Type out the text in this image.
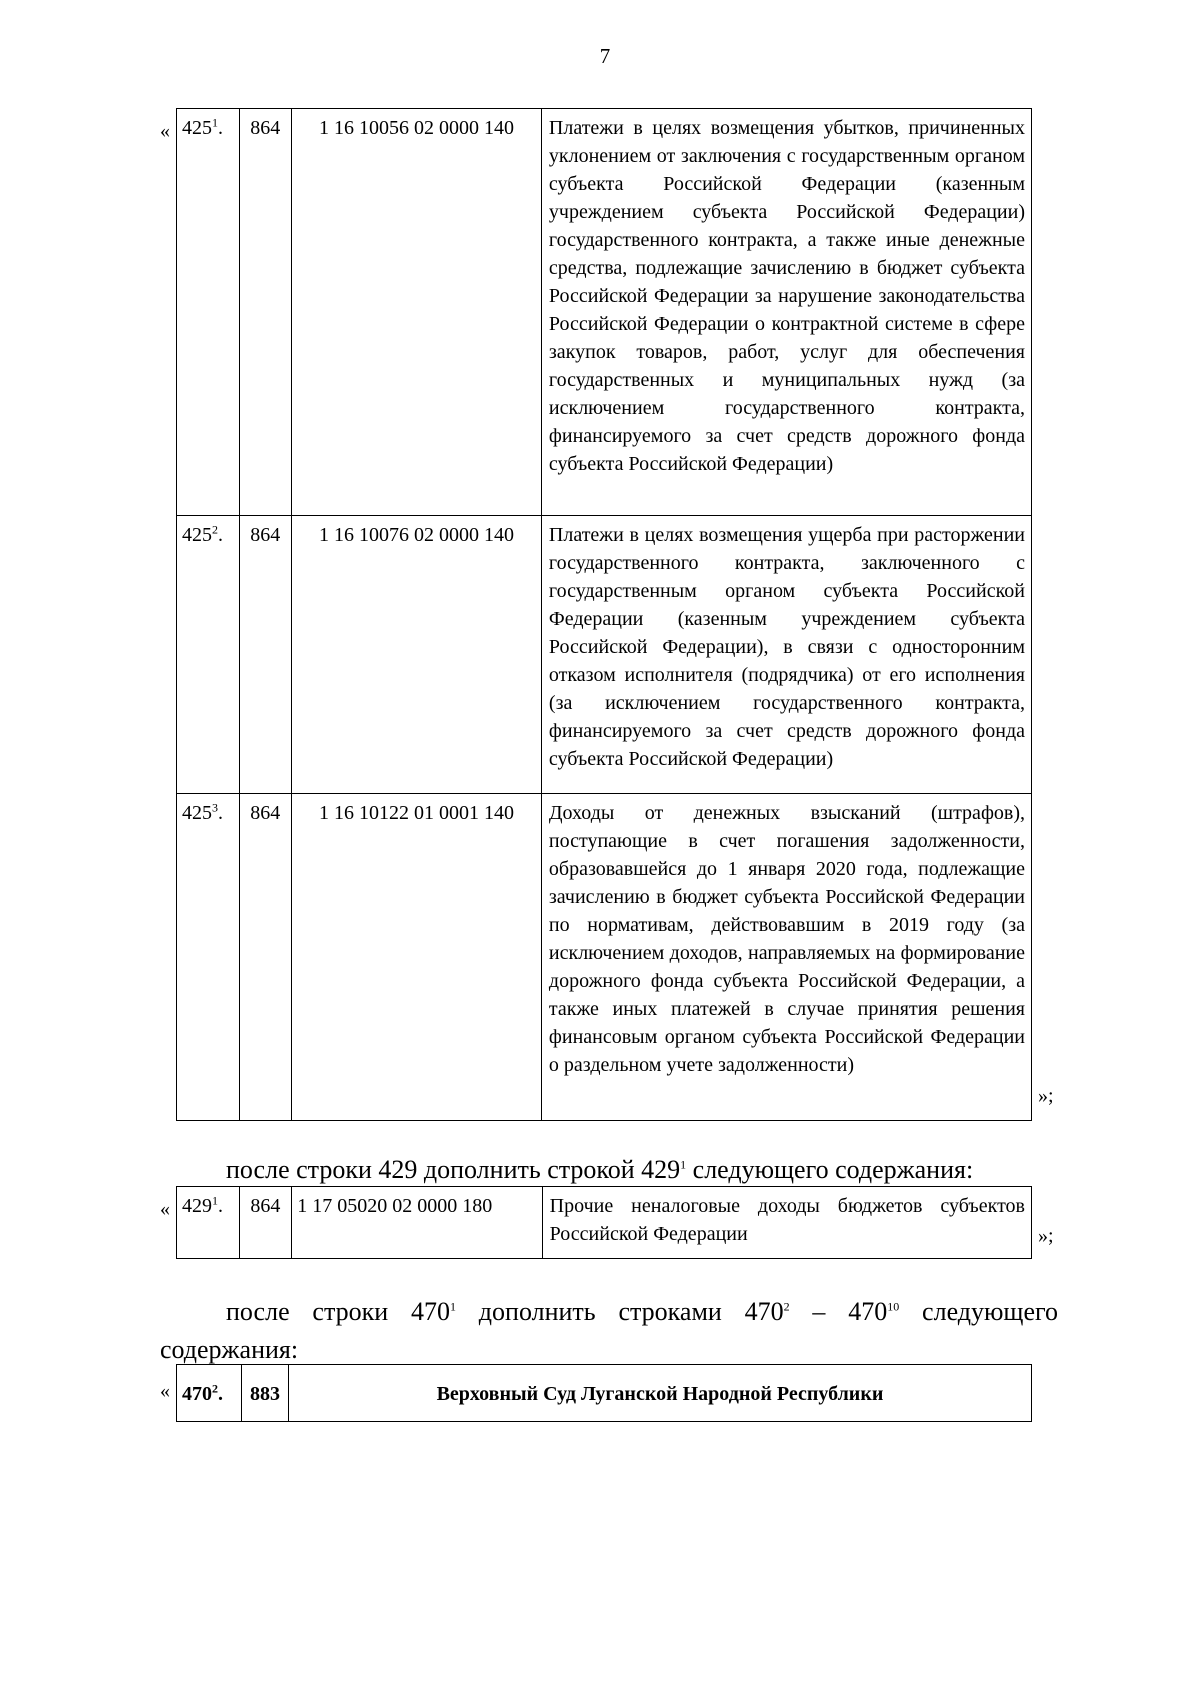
7
« $425^1$.	864	1 16 10056 02 0000 140	Платежи в целях возмещения убытков, причиненных уклонением от заключения с государственным органом субъекта Российской Федерации (казенным учреждением субъекта Российской Федерации) государственного контракта, а также иные денежные средства, подлежащие зачислению в бюджет субъекта Российской Федерации за нарушение законодательства Российской Федерации о контрактной системе в сфере закупок товаров, работ, услуг для обеспечения государственных и муниципальных нужд (за исключением государственного контракта, финансируемого за счет средств дорожного фонда субъекта Российской Федерации)
$425^2$.	864	1 16 10076 02 0000 140	Платежи в целях возмещения ущерба при расторжении государственного контракта, заключенного с государственным органом субъекта Российской Федерации (казенным учреждением субъекта Российской Федерации), в связи с односторонним отказом исполнителя (подрядчика) от его исполнения (за исключением государственного контракта, финансируемого за счет средств дорожного фонда субъекта Российской Федерации)
$425^3$.	864	1 16 10122 01 0001 140	Доходы от денежных взысканий (штрафов), поступающие в счет погашения задолженности, образовавшейся до 1 января 2020 года, подлежащие зачислению в бюджет субъекта Российской Федерации по нормативам, действовавшим в 2019 году (за исключением доходов, направляемых на формирование дорожного фонда субъекта Российской Федерации, а также иных платежей в случае принятия решения финансовым органом субъекта Российской Федерации о раздельном учете задолженности)
»;
после строки 429 дополнить строкой $429^1$ следующего содержания:
« $429^1$.	864	1 17 05020 02 0000 180	Прочие неналоговые доходы бюджетов субъектов Российской Федерации	»;
после строки $470^1$ дополнить строками $470^2 - 470^{10}$ следующего
содержания:
« $470^2$.	883	Верховный Суд Луганской Народной Республики
